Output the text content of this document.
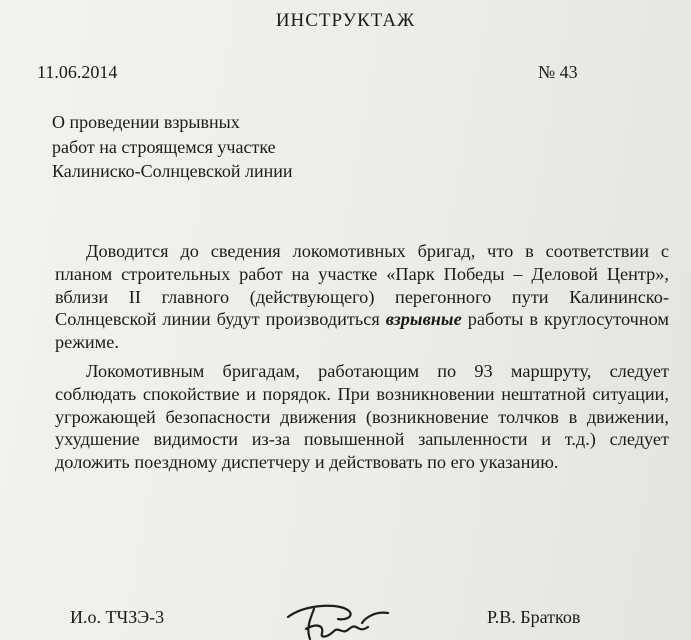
ИНСТРУКТАЖ
11.06.2014	№ 43
О проведении взрывных
работ на строящемся участке
Калиниско-Солнцевской линии

Доводится до сведения локомотивных бригад, что в соответствии с планом строительных работ на участке «Парк Победы – Деловой Центр», вблизи II главного (действующего) перегонного пути Калининско-Солнцевской линии будут производиться взрывные работы в круглосуточном режиме.

Локомотивным бригадам, работающим по 93 маршруту, следует соблюдать спокойствие и порядок. При возникновении нештатной ситуации, угрожающей безопасности движения (возникновение толчков в движении, ухудшение видимости из-за повышенной запыленности и т.д.) следует доложить поездному диспетчеру и действовать по его указанию.

И.о. ТЧЗЭ-3	Р.В. Братков
